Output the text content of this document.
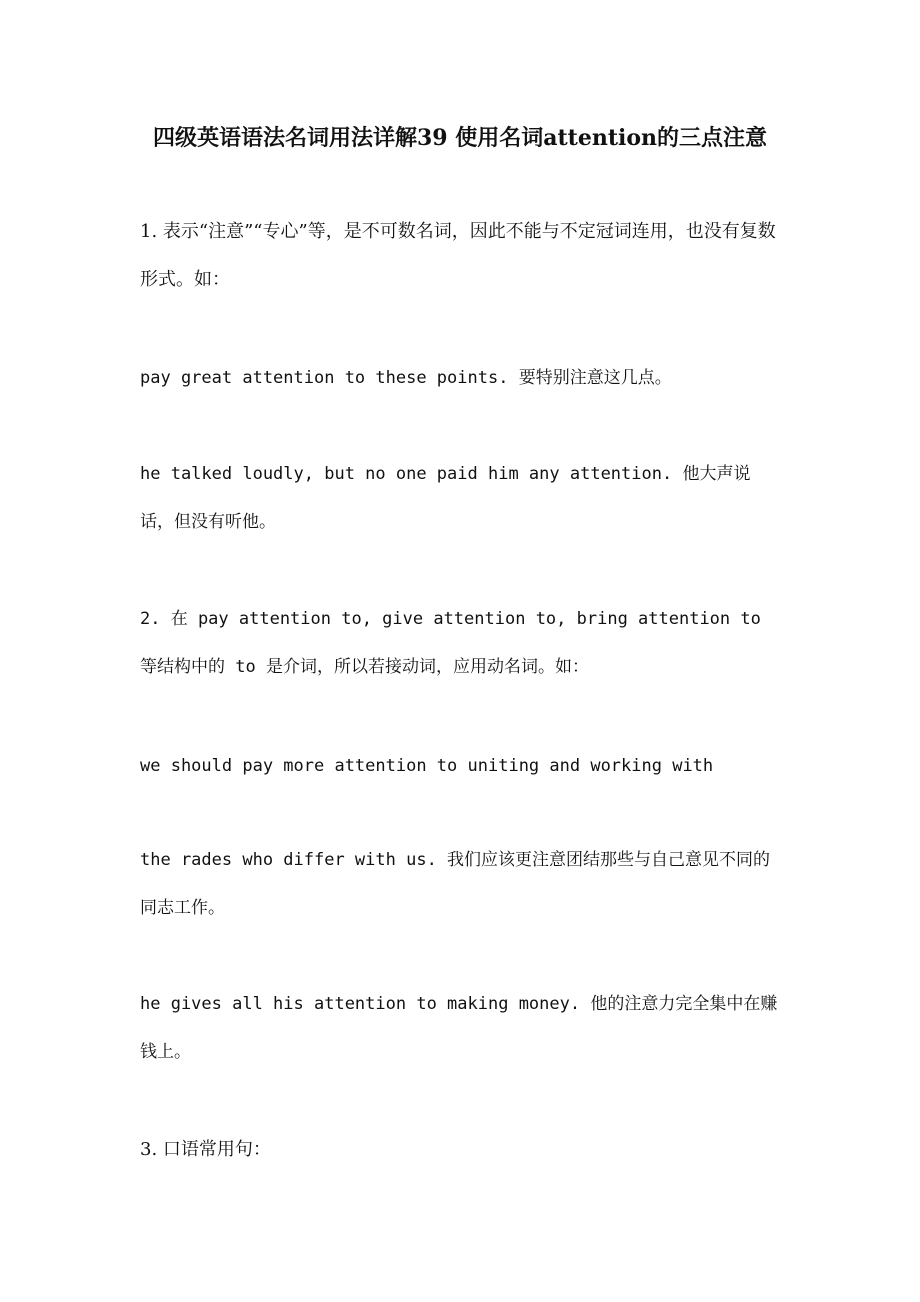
四级英语语法名词用法详解39 使用名词attention的三点注意

1. 表示“注意”“专心”等，是不可数名词，因此不能与不定冠词连用，也没有复数形式。如：

pay great attention to these points. 要特别注意这几点。

he talked loudly, but no one paid him any attention. 他大声说话，但没有听他。

2. 在 pay attention to, give attention to, bring attention to 等结构中的 to 是介词，所以若接动词，应用动名词。如：

we should pay more attention to uniting and working with

the rades who differ with us. 我们应该更注意团结那些与自己意见不同的同志工作。

he gives all his attention to making money. 他的注意力完全集中在赚钱上。

3. 口语常用句：
